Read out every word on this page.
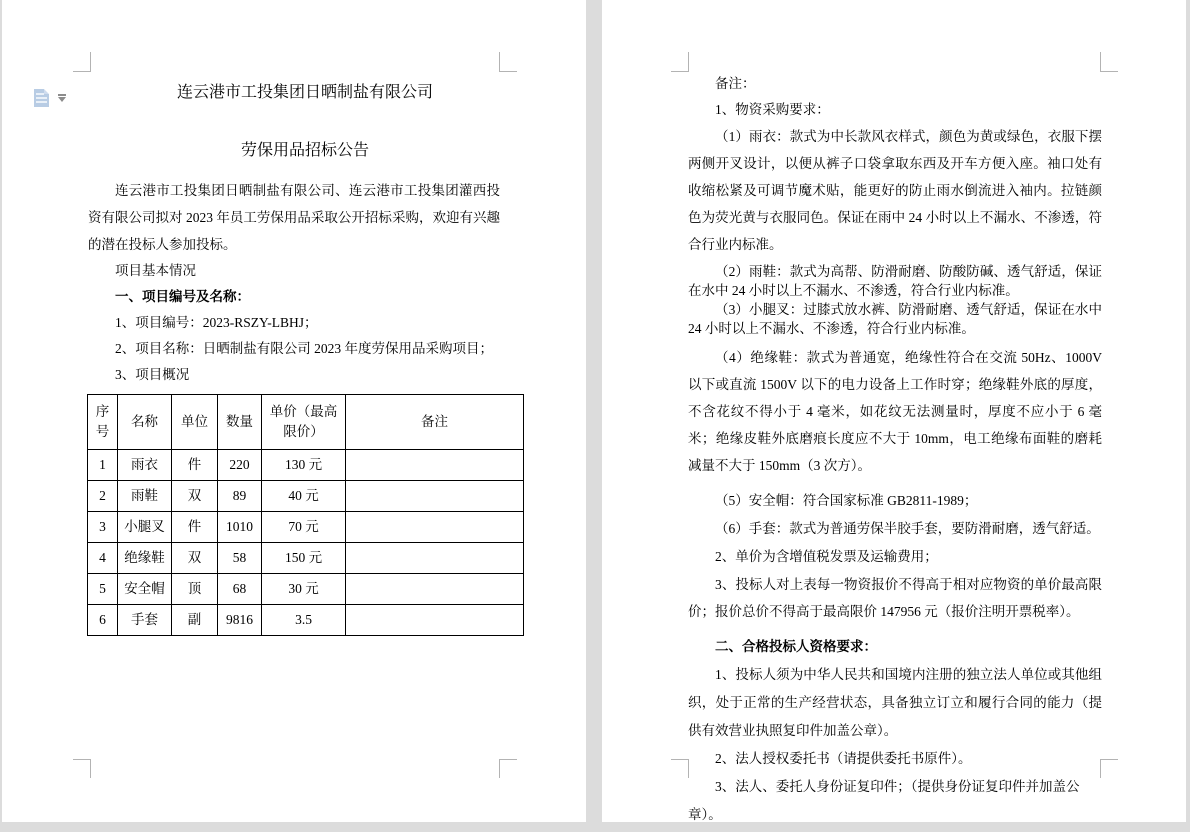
连云港市工投集团日晒制盐有限公司

劳保用品招标公告

连云港市工投集团日晒制盐有限公司、连云港市工投集团灌西投资有限公司拟对 2023 年员工劳保用品采取公开招标采购，欢迎有兴趣的潜在投标人参加投标。

项目基本情况

一、项目编号及名称：

1、项目编号：2023-RSZY-LBHJ；

2、项目名称：日晒制盐有限公司 2023 年度劳保用品采购项目；

3、项目概况

序号	名称	单位	数量	单价（最高限价）	备注
1	雨衣	件	220	130 元	
2	雨鞋	双	89	40 元	
3	小腿叉	件	1010	70 元	
4	绝缘鞋	双	58	150 元	
5	安全帽	顶	68	30 元	
6	手套	副	9816	3.5	

备注：

1、物资采购要求：

（1）雨衣：款式为中长款风衣样式，颜色为黄或绿色，衣服下摆两侧开叉设计，以便从裤子口袋拿取东西及开车方便入座。袖口处有收缩松紧及可调节魔术贴，能更好的防止雨水倒流进入袖内。拉链颜色为荧光黄与衣服同色。保证在雨中 24 小时以上不漏水、不渗透，符合行业内标准。

（2）雨鞋：款式为高帮、防滑耐磨、防酸防碱、透气舒适，保证在水中 24 小时以上不漏水、不渗透，符合行业内标准。

（3）小腿叉：过膝式放水裤、防滑耐磨、透气舒适，保证在水中 24 小时以上不漏水、不渗透，符合行业内标准。

（4）绝缘鞋：款式为普通宽，绝缘性符合在交流 50Hz、1000V 以下或直流 1500V 以下的电力设备上工作时穿；绝缘鞋外底的厚度，不含花纹不得小于 4 毫米，如花纹无法测量时，厚度不应小于 6 毫米；绝缘皮鞋外底磨痕长度应不大于 10mm，电工绝缘布面鞋的磨耗减量不大于 150mm（3 次方）。

（5）安全帽：符合国家标准 GB2811-1989；

（6）手套：款式为普通劳保半胶手套，要防滑耐磨，透气舒适。

2、单价为含增值税发票及运输费用；

3、投标人对上表每一物资报价不得高于相对应物资的单价最高限价；报价总价不得高于最高限价 147956 元（报价注明开票税率）。

二、合格投标人资格要求：

1、投标人须为中华人民共和国境内注册的独立法人单位或其他组织，处于正常的生产经营状态，具备独立订立和履行合同的能力（提供有效营业执照复印件加盖公章）。

2、法人授权委托书（请提供委托书原件）。

3、法人、委托人身份证复印件；（提供身份证复印件并加盖公章）。
